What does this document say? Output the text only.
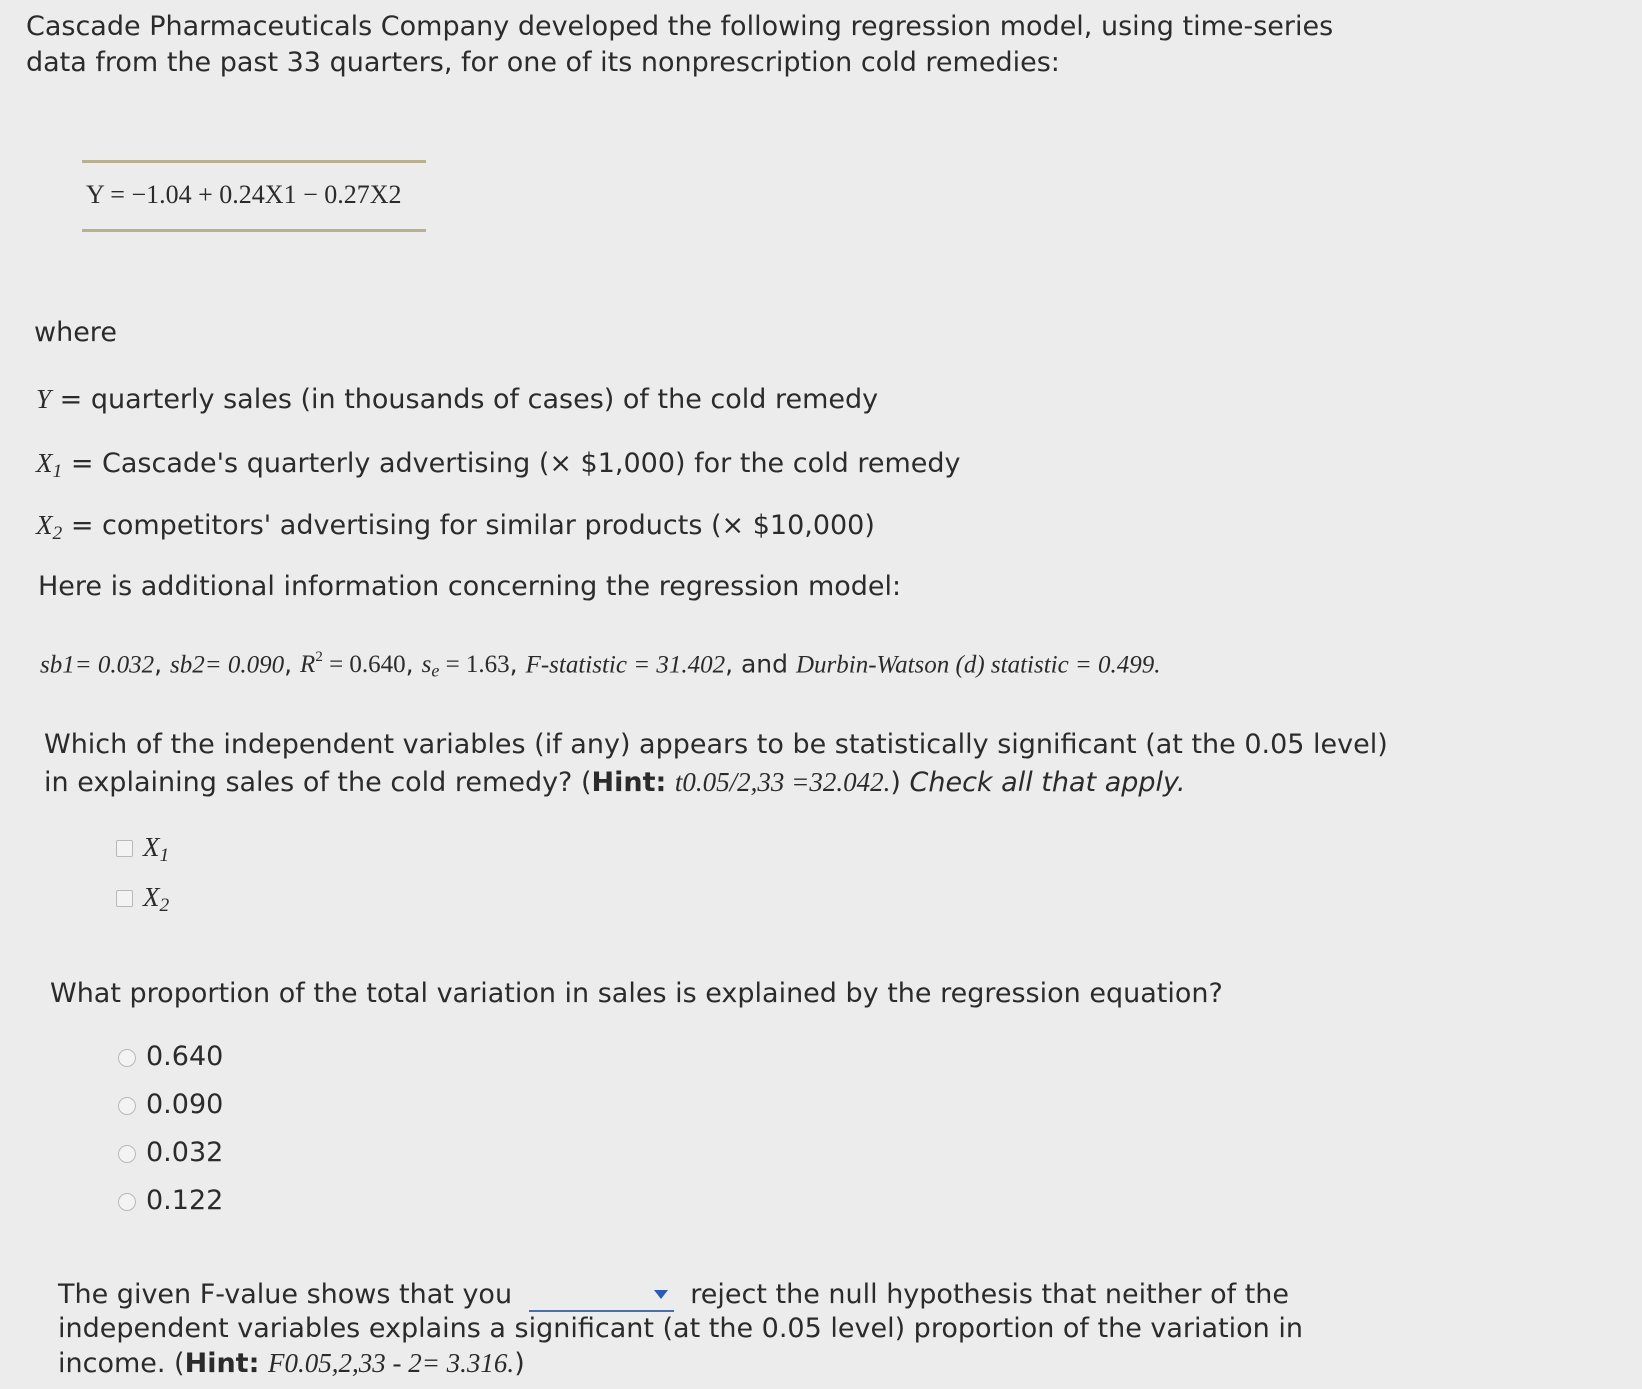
Cascade Pharmaceuticals Company developed the following regression model, using time-series
data from the past 33 quarters, for one of its nonprescription cold remedies:
Y = −1.04 + 0.24X1 − 0.27X2
where
Y = quarterly sales (in thousands of cases) of the cold remedy
$X_1$ = Cascade's quarterly advertising (× $1,000) for the cold remedy
$X_2$ = competitors' advertising for similar products (× $10,000)
Here is additional information concerning the regression model:
sb1= 0.032, sb2= 0.090, $R^2 = 0.640$, $s_e = 1.63$, F-statistic = 31.402, and Durbin-Watson (d) statistic = 0.499.
Which of the independent variables (if any) appears to be statistically significant (at the 0.05 level)
in explaining sales of the cold remedy? (Hint: t0.05/2,33 =32.042.) Check all that apply.
$X_1$
$X_2$
What proportion of the total variation in sales is explained by the regression equation?
0.640
0.090
0.032
0.122
The given F-value shows that you	reject the null hypothesis that neither of the
independent variables explains a significant (at the 0.05 level) proportion of the variation in
income. (Hint: F0.05,2,33 - 2= 3.316.)
